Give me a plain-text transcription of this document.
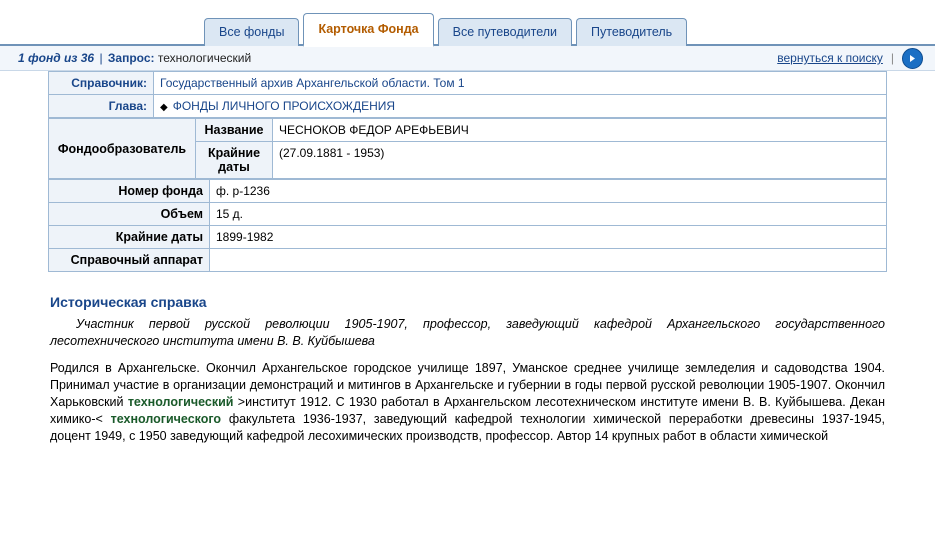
Все фонды	Карточка Фонда	Все путеводители	Путеводитель
1 фонд из 36 | Запрос: технологический	вернуться к поиску |
Справочник:	Государственный архив Архангельской области. Том 1
Глава:	◆ ФОНДЫ ЛИЧНОГО ПРОИСХОЖДЕНИЯ
Фондообразователь	Название	ЧЕСНОКОВ ФЕДОР АРЕФЬЕВИЧ
	Крайние даты	(27.09.1881 - 1953)
Номер фонда	ф. р-1236
Объем	15 д.
Крайние даты	1899-1982
Справочный аппарат	
Историческая справка

Участник первой русской революции 1905-1907, профессор, заведующий кафедрой Архангельского государственного лесотехнического института имени В. В. Куйбышева

Родился в Архангельске. Окончил Архангельское городское училище 1897, Уманское среднее училище земледелия и садоводства 1904. Принимал участие в организации демонстраций и митингов в Архангельске и губернии в годы первой русской революции 1905-1907. Окончил Харьковский технологический >институт 1912. С 1930 работал в Архангельском лесотехническом институте имени В. В. Куйбышева. Декан химико-< технологического факультета 1936-1937, заведующий кафедрой технологии химической переработки древесины 1937-1945, доцент 1949, с 1950 заведующий кафедрой лесохимических производств, профессор. Автор 14 крупных работ в области химической
